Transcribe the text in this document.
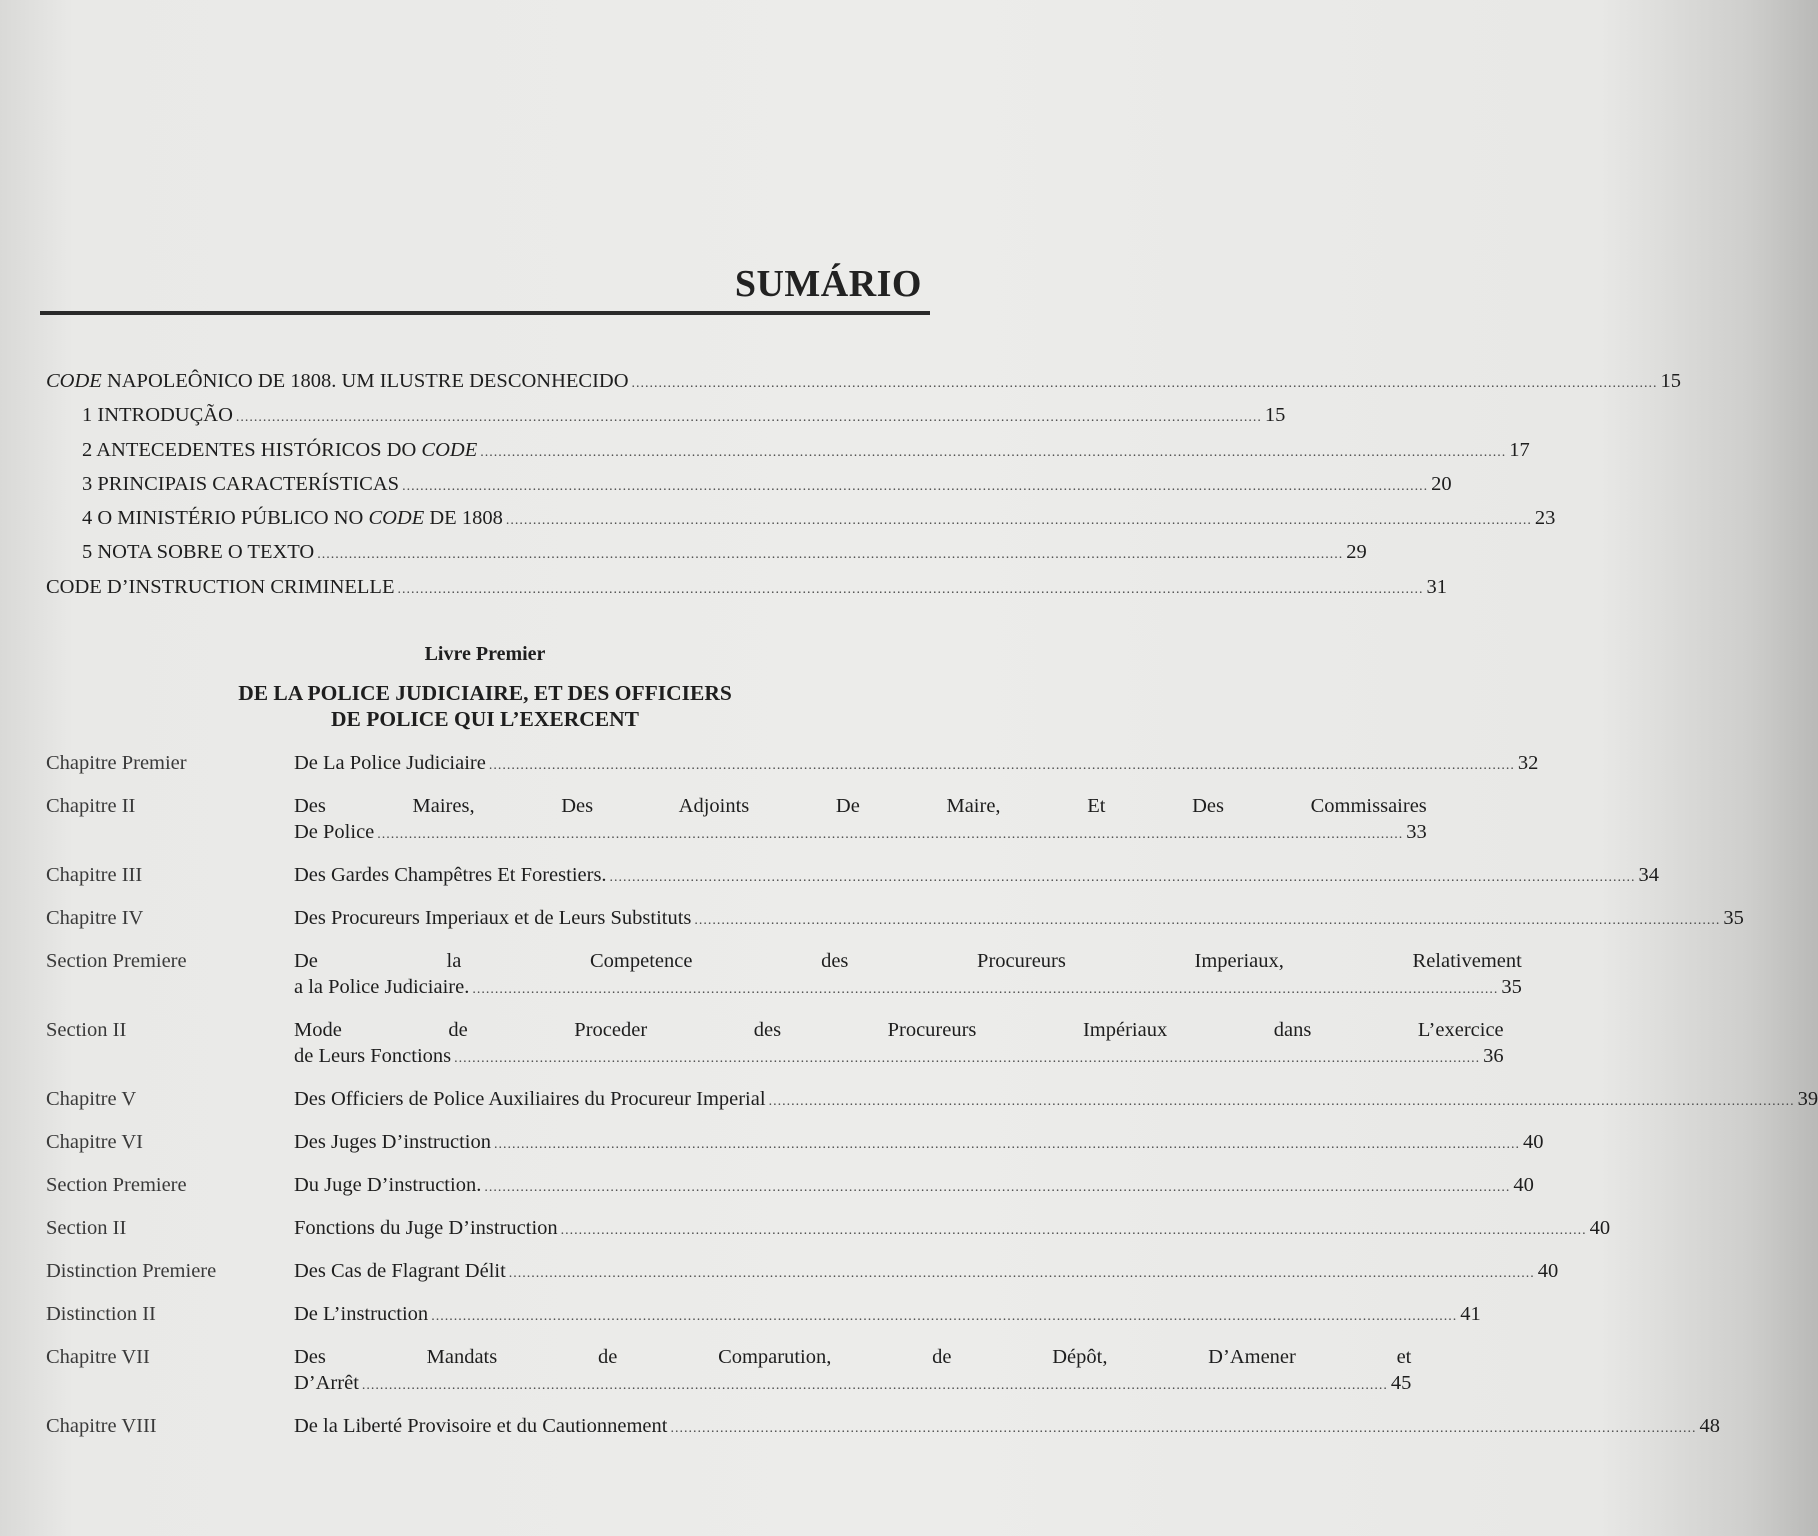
SUMÁRIO
CODE NAPOLEÔNICO DE 1808. UM ILUSTRE DESCONHECIDO .....	15
1 INTRODUÇÃO .....	15
2 ANTECEDENTES HISTÓRICOS DO CODE .....	17
3 PRINCIPAIS CARACTERÍSTICAS .....	20
4 O MINISTÉRIO PÚBLICO NO CODE DE 1808 .....	23
5 NOTA SOBRE O TEXTO .....	29
CODE D’INSTRUCTION CRIMINELLE .....	31
Livre Premier
DE LA POLICE JUDICIAIRE, ET DES OFFICIERS
DE POLICE QUI L’EXERCENT
Chapitre Premier	De La Police Judiciaire .....	32
Chapitre II	Des Maires, Des Adjoints De Maire, Et Des Commissaires
De Police .....	33
Chapitre III	Des Gardes Champêtres Et Forestiers. .....	34
Chapitre IV	Des Procureurs Imperiaux et de Leurs Substituts .....	35
Section Premiere	De la Competence des Procureurs Imperiaux, Relativement
a la Police Judiciaire. .....	35
Section II	Mode de Proceder des Procureurs Impériaux dans L’exercice
de Leurs Fonctions .....	36
Chapitre V	Des Officiers de Police Auxiliaires du Procureur Imperial .....	39
Chapitre VI	Des Juges D’instruction .....	40
Section Premiere	Du Juge D’instruction. .....	40
Section II	Fonctions du Juge D’instruction .....	40
Distinction Premiere	Des Cas de Flagrant Délit .....	40
Distinction II	De L’instruction .....	41
Chapitre VII	Des Mandats de Comparution, de Dépôt, D’Amener et
D’Arrêt .....	45
Chapitre VIII	De la Liberté Provisoire et du Cautionnement .....	48
